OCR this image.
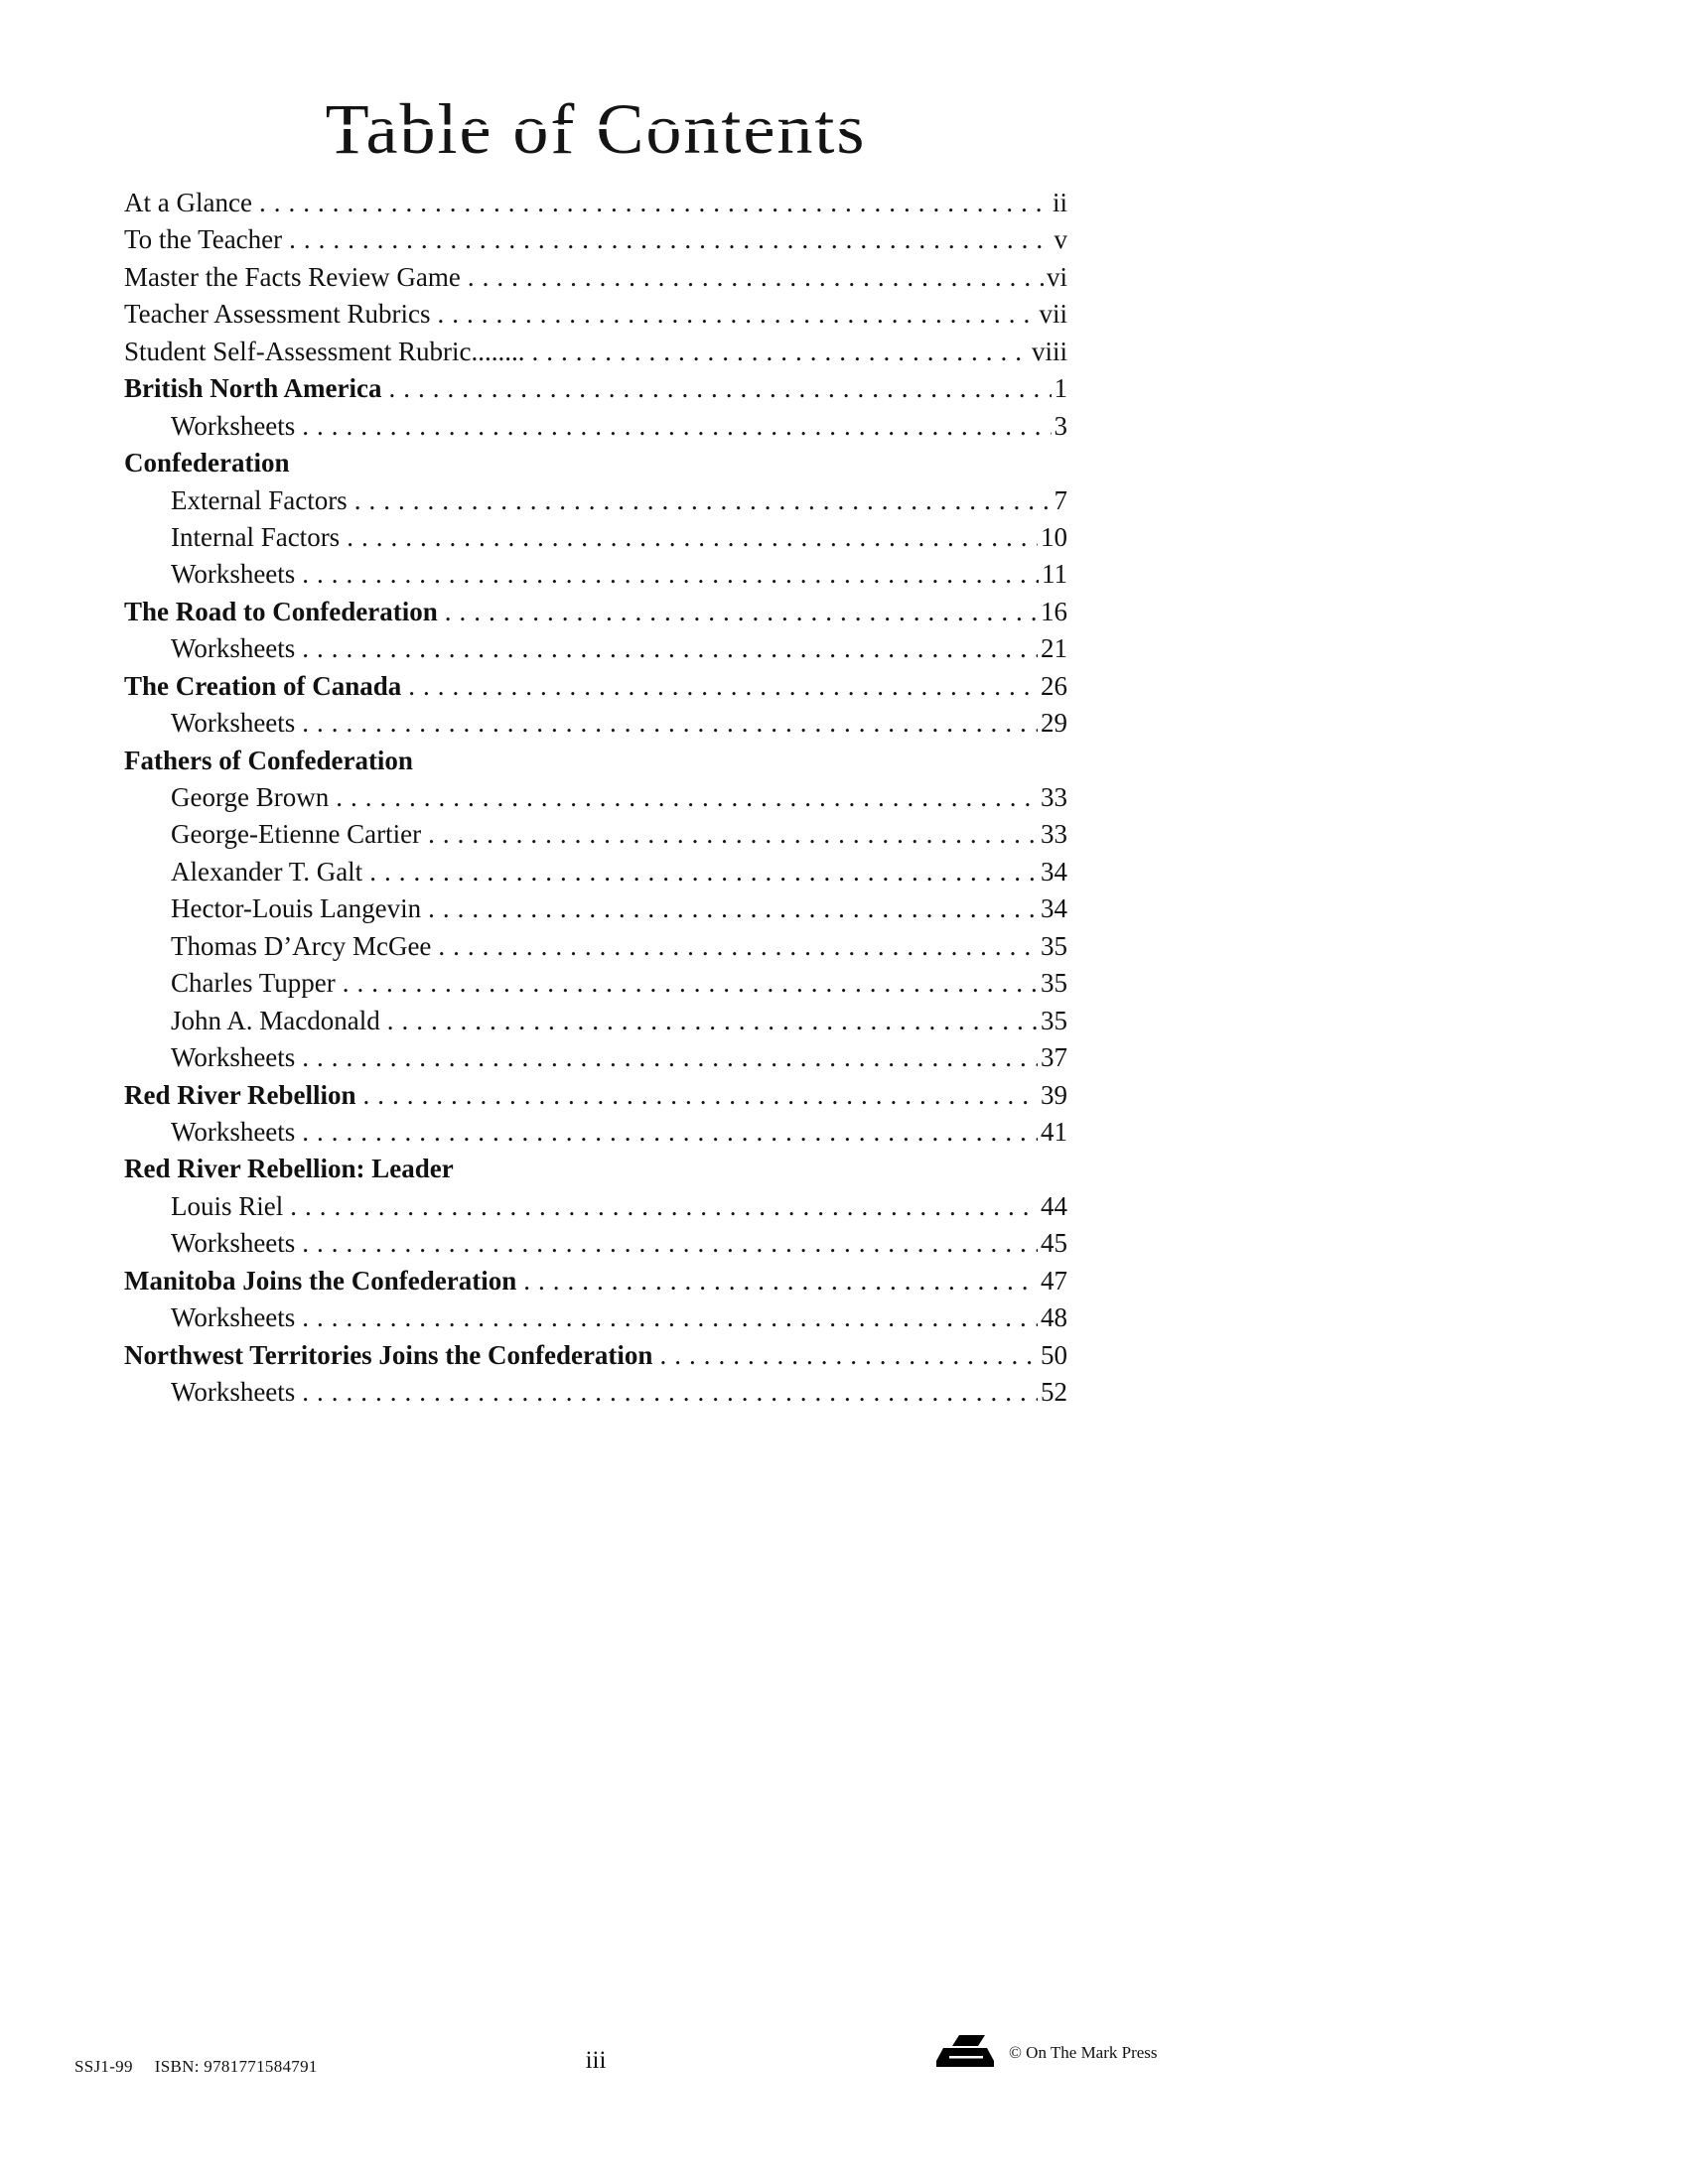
Table of Contents
At a Glance .....	ii
To the Teacher .....	v
Master the Facts Review Game .....	vi
Teacher Assessment Rubrics .....	vii
Student Self-Assessment Rubric........ .....	viii
British North America .....	1
Worksheets .....	3
Confederation
External Factors .....	7
Internal Factors .....	10
Worksheets .....	11
The Road to Confederation .....	16
Worksheets .....	21
The Creation of Canada .....	26
Worksheets .....	29
Fathers of Confederation
George Brown .....	33
George-Etienne Cartier .....	33
Alexander T. Galt .....	34
Hector-Louis Langevin .....	34
Thomas D’Arcy McGee .....	35
Charles Tupper .....	35
John A. Macdonald .....	35
Worksheets .....	37
Red River Rebellion .....	39
Worksheets .....	41
Red River Rebellion: Leader
Louis Riel .....	44
Worksheets .....	45
Manitoba Joins the Confederation .....	47
Worksheets .....	48
Northwest Territories Joins the Confederation .....	50
Worksheets .....	52
SSJ1-99 ISBN: 9781771584791	iii	© On The Mark Press
